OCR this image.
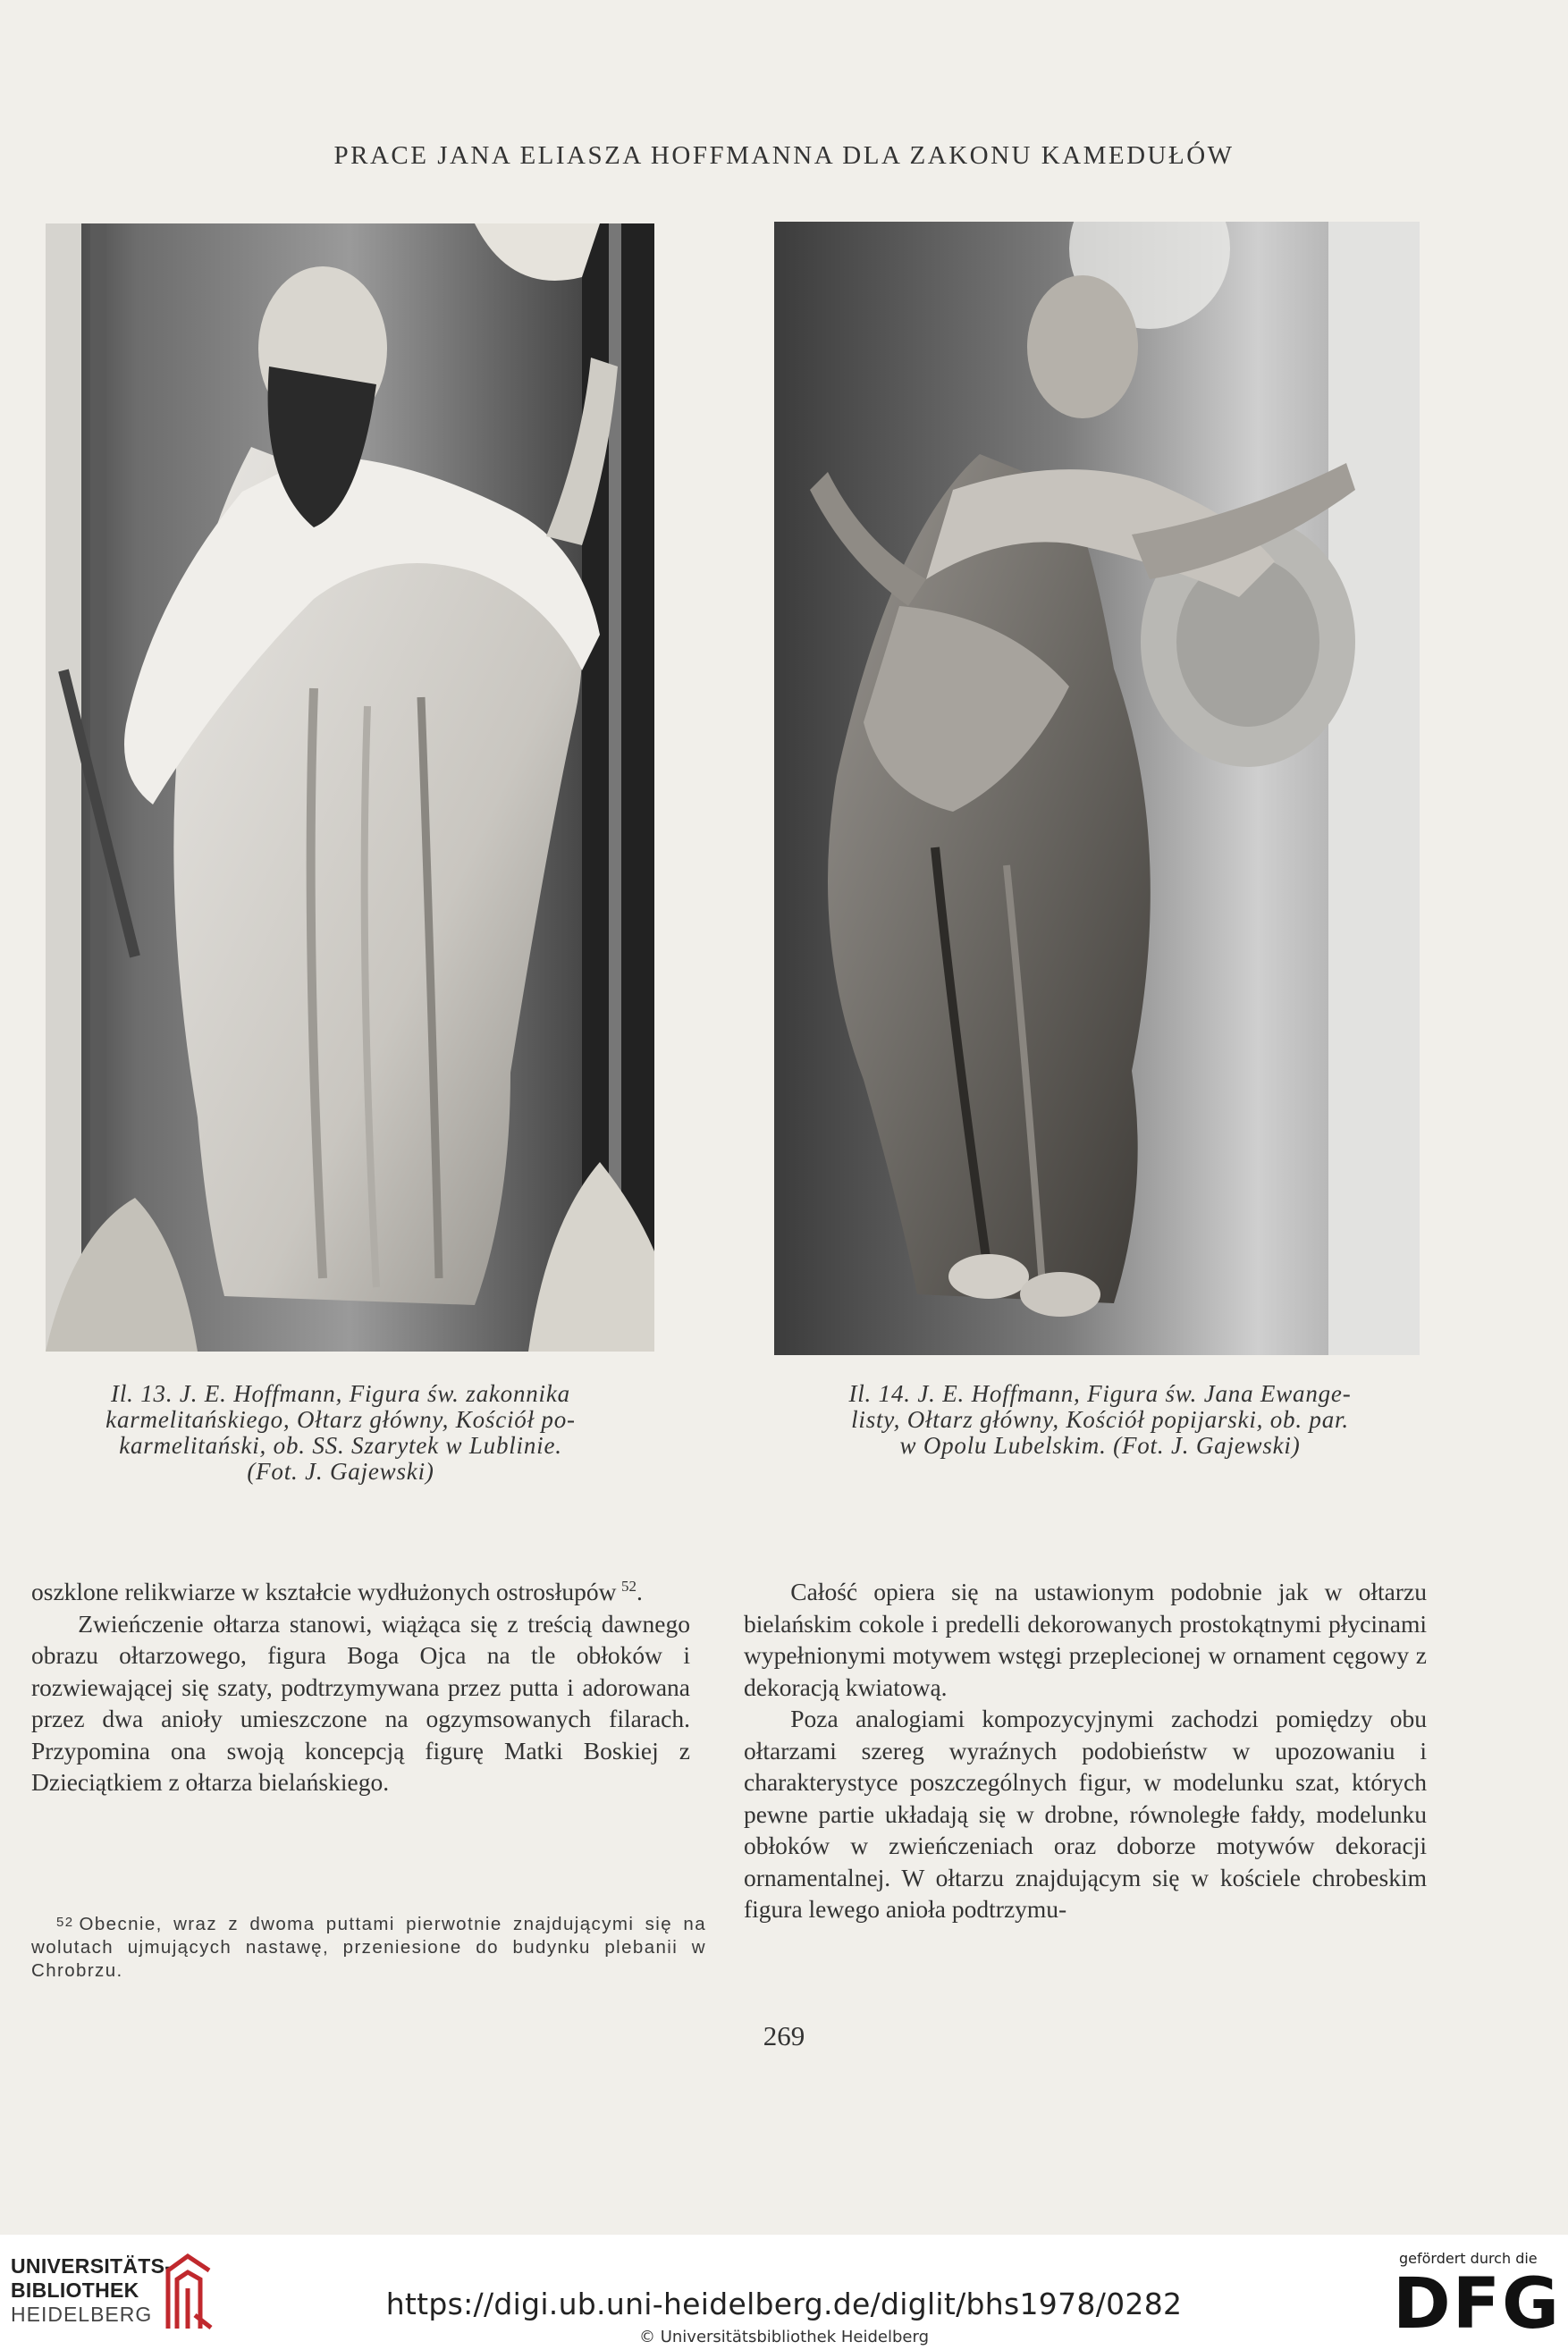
PRACE JANA ELIASZA HOFFMANNA DLA ZAKONU KAMEDUŁÓW
Il. 13. J. E. Hoffmann, Figura św. zakonnika
karmelitańskiego, Ołtarz główny, Kościół po-
karmelitański, ob. SS. Szarytek w Lublinie.
(Fot. J. Gajewski)
Il. 14. J. E. Hoffmann, Figura św. Jana Ewange-
listy, Ołtarz główny, Kościół popijarski, ob. par.
w Opolu Lubelskim. (Fot. J. Gajewski)

oszklone relikwiarze w kształcie wydłużonych ostrosłupów  $^{52}$.

Zwieńczenie ołtarza stanowi, wiążąca się z treścią dawnego obrazu ołtarzowego, figura Boga Ojca na tle obłoków i rozwiewającej się szaty, podtrzymywana przez putta i adorowana przez dwa anioły umieszczone na ogzymsowanych filarach. Przypomina ona swoją koncepcją figurę Matki Boskiej z Dzieciątkiem z ołtarza bielańskiego.

52 Obecnie, wraz z dwoma puttami pierwotnie znajdującymi się na wolutach ujmujących nastawę, przeniesione do budynku plebanii w Chrobrzu.

Całość opiera się na ustawionym podobnie jak w ołtarzu bielańskim cokole i predelli dekorowanych prostokątnymi płycinami wypełnionymi motywem wstęgi przeplecionej w ornament cęgowy z dekoracją kwiatową.

Poza analogiami kompozycyjnymi zachodzi pomiędzy obu ołtarzami szereg wyraźnych podobieństw w upozowaniu i charakterystyce poszczególnych figur, w modelunku szat, których pewne partie układają się w drobne, równoległe fałdy, modelunku obłoków w zwieńczeniach oraz doborze motywów dekoracji ornamentalnej. W ołtarzu znajdującym się w kościele chrobeskim figura lewego anioła podtrzymu-

269
UNIVERSITÄTS-
BIBLIOTHEK
HEIDELBERG	https://digi.ub.uni-heidelberg.de/diglit/bhs1978/0282
© Universitätsbibliothek Heidelberg
gefördert durch die
DFG
